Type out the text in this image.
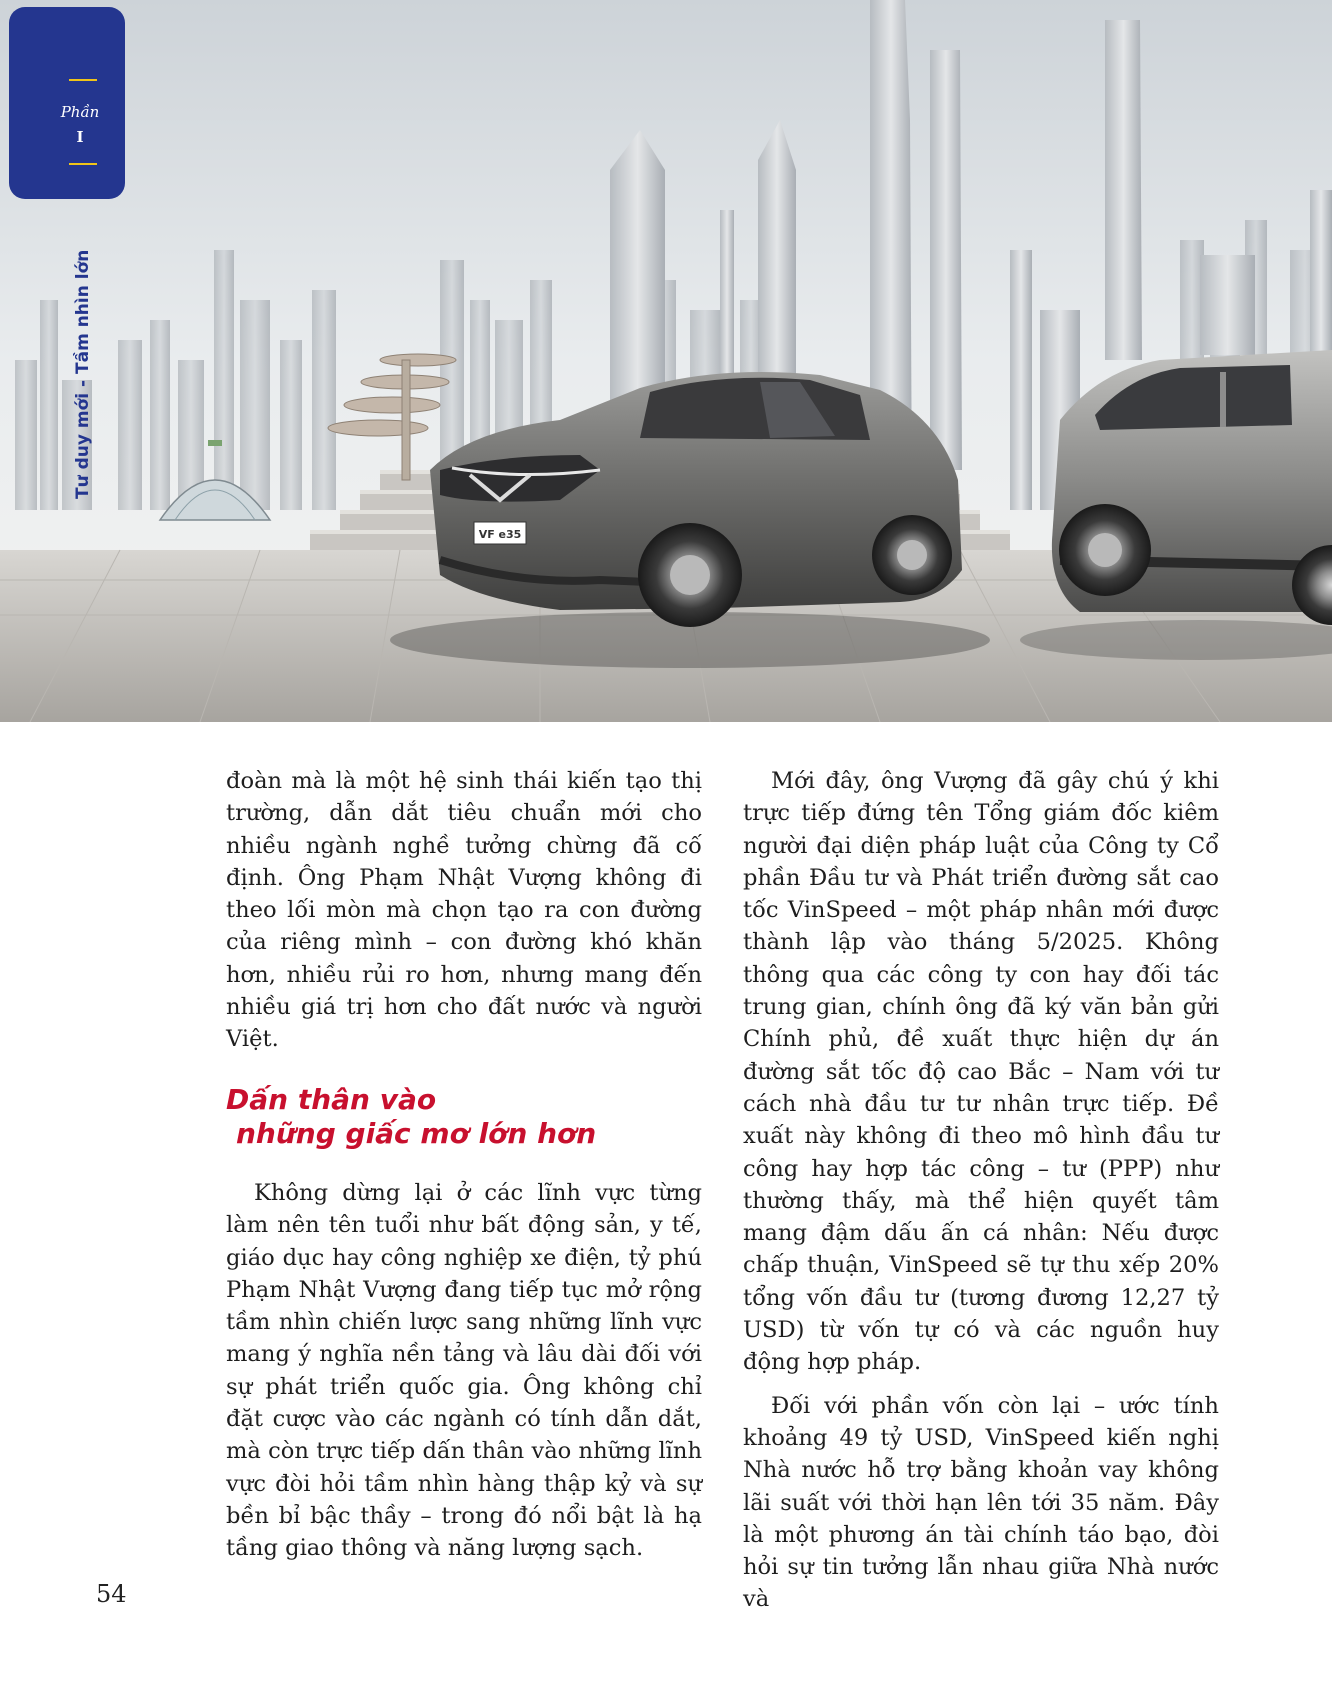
VF e35
Phần
I
Tư duy mới - Tầm nhìn lớn

đoàn mà là một hệ sinh thái kiến tạo thị trường, dẫn dắt tiêu chuẩn mới cho nhiều ngành nghề tưởng chừng đã cố định. Ông Phạm Nhật Vượng không đi theo lối mòn mà chọn tạo ra con đường của riêng mình – con đường khó khăn hơn, nhiều rủi ro hơn, nhưng mang đến nhiều giá trị hơn cho đất nước và người Việt.

Dấn thân vào
những giấc mơ lớn hơn

Không dừng lại ở các lĩnh vực từng làm nên tên tuổi như bất động sản, y tế, giáo dục hay công nghiệp xe điện, tỷ phú Phạm Nhật Vượng đang tiếp tục mở rộng tầm nhìn chiến lược sang những lĩnh vực mang ý nghĩa nền tảng và lâu dài đối với sự phát triển quốc gia. Ông không chỉ đặt cược vào các ngành có tính dẫn dắt, mà còn trực tiếp dấn thân vào những lĩnh vực đòi hỏi tầm nhìn hàng thập kỷ và sự bền bỉ bậc thầy – trong đó nổi bật là hạ tầng giao thông và năng lượng sạch.

Mới đây, ông Vượng đã gây chú ý khi trực tiếp đứng tên Tổng giám đốc kiêm người đại diện pháp luật của Công ty Cổ phần Đầu tư và Phát triển đường sắt cao tốc VinSpeed – một pháp nhân mới được thành lập vào tháng 5/2025. Không thông qua các công ty con hay đối tác trung gian, chính ông đã ký văn bản gửi Chính phủ, đề xuất thực hiện dự án đường sắt tốc độ cao Bắc – Nam với tư cách nhà đầu tư tư nhân trực tiếp. Đề xuất này không đi theo mô hình đầu tư công hay hợp tác công – tư (PPP) như thường thấy, mà thể hiện quyết tâm mang đậm dấu ấn cá nhân: Nếu được chấp thuận, VinSpeed sẽ tự thu xếp 20% tổng vốn đầu tư (tương đương 12,27 tỷ USD) từ vốn tự có và các nguồn huy động hợp pháp.

Đối với phần vốn còn lại – ước tính khoảng 49 tỷ USD, VinSpeed kiến nghị Nhà nước hỗ trợ bằng khoản vay không lãi suất với thời hạn lên tới 35 năm. Đây là một phương án tài chính táo bạo, đòi hỏi sự tin tưởng lẫn nhau giữa Nhà nước và

54
